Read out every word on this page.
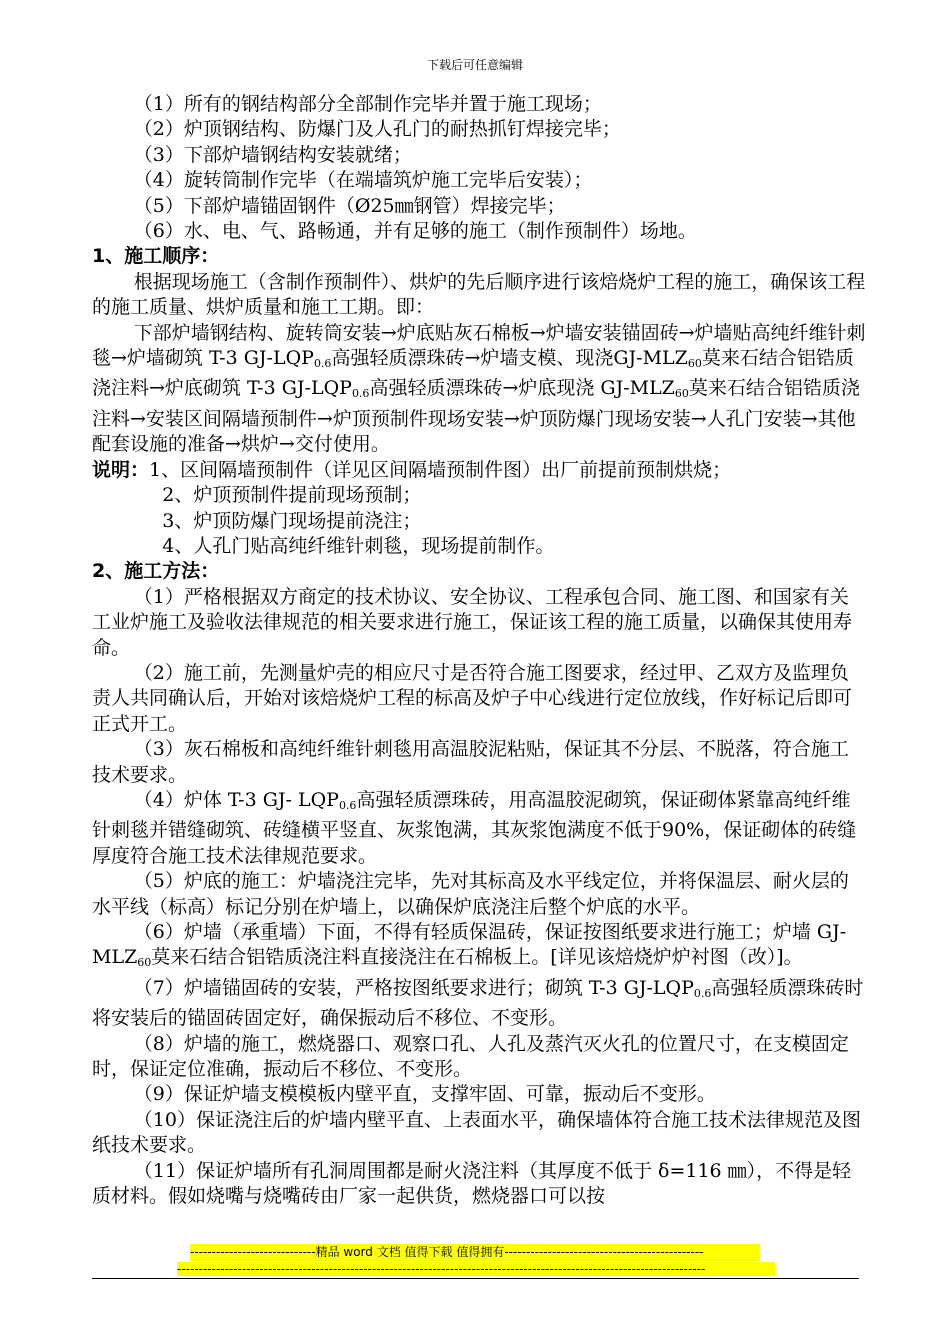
下载后可任意编辑

（1）所有的钢结构部分全部制作完毕并置于施工现场；

（2）炉顶钢结构、防爆门及人孔门的耐热抓钉焊接完毕；

（3）下部炉墙钢结构安装就绪；

（4）旋转筒制作完毕（在端墙筑炉施工完毕后安装）；

（5）下部炉墙锚固钢件（Ø25㎜钢管）焊接完毕；

（6）水、电、气、路畅通，并有足够的施工（制作预制件）场地。

1、施工顺序：

根据现场施工（含制作预制件）、烘炉的先后顺序进行该焙烧炉工程的施工，确保该工程的施工质量、烘炉质量和施工工期。即：

下部炉墙钢结构、旋转筒安装→炉底贴灰石棉板→炉墙安装锚固砖→炉墙贴高纯纤维针刺毯→炉墙砌筑 T-3 $GJ-LQP_{0.6}$高强轻质漂珠砖→炉墙支模、现浇$GJ-MLZ_{60}$莫来石结合铝锆质浇注料→炉底砌筑 T-3 $GJ-LQP_{0.6}$高强轻质漂珠砖→炉底现浇 $GJ-MLZ_{60}$莫来石结合铝锆质浇注料→安装区间隔墙预制件→炉顶预制件现场安装→炉顶防爆门现场安装→人孔门安装→其他配套设施的准备→烘炉→交付使用。

说明：1、区间隔墙预制件（详见区间隔墙预制件图）出厂前提前预制烘烧；

2、炉顶预制件提前现场预制；

3、炉顶防爆门现场提前浇注；

4、人孔门贴高纯纤维针刺毯，现场提前制作。

2、施工方法：

（1）严格根据双方商定的技术协议、安全协议、工程承包合同、施工图、和国家有关工业炉施工及验收法律规范的相关要求进行施工，保证该工程的施工质量，以确保其使用寿命。

（2）施工前，先测量炉壳的相应尺寸是否符合施工图要求，经过甲、乙双方及监理负责人共同确认后，开始对该焙烧炉工程的标高及炉子中心线进行定位放线，作好标记后即可正式开工。

（3）灰石棉板和高纯纤维针刺毯用高温胶泥粘贴，保证其不分层、不脱落，符合施工技术要求。

（4）炉体 T-3 GJ- $LQP_{0.6}$高强轻质漂珠砖，用高温胶泥砌筑，保证砌体紧靠高纯纤维针刺毯并错缝砌筑、砖缝横平竖直、灰浆饱满，其灰浆饱满度不低于90%，保证砌体的砖缝厚度符合施工技术法律规范要求。

（5）炉底的施工：炉墙浇注完毕，先对其标高及水平线定位，并将保温层、耐火层的水平线（标高）标记分别在炉墙上，以确保炉底浇注后整个炉底的水平。

（6）炉墙（承重墙）下面，不得有轻质保温砖，保证按图纸要求进行施工；炉墙 $GJ-MLZ_{60}$莫来石结合铝锆质浇注料直接浇注在石棉板上。[详见该焙烧炉炉衬图（改）]。

（7）炉墙锚固砖的安装，严格按图纸要求进行；砌筑 T-3 $GJ-LQP_{0.6}$高强轻质漂珠砖时将安装后的锚固砖固定好，确保振动后不移位、不变形。

（8）炉墙的施工，燃烧器口、观察口孔、人孔及蒸汽灭火孔的位置尺寸，在支模固定时，保证定位准确，振动后不移位、不变形。

（9）保证炉墙支模模板内壁平直，支撑牢固、可靠，振动后不变形。

（10）保证浇注后的炉墙内壁平直、上表面水平，确保墙体符合施工技术法律规范及图纸技术要求。

（11）保证炉墙所有孔洞周围都是耐火浇注料（其厚度不低于 δ=116 ㎜），不得是轻质材料。假如烧嘴与烧嘴砖由厂家一起供货，燃烧器口可以按

-----------------------------精品 word 文档 值得下载 值得拥有----------------------------------------------
--------------------------------------------------------------------------------------------------------------------------
